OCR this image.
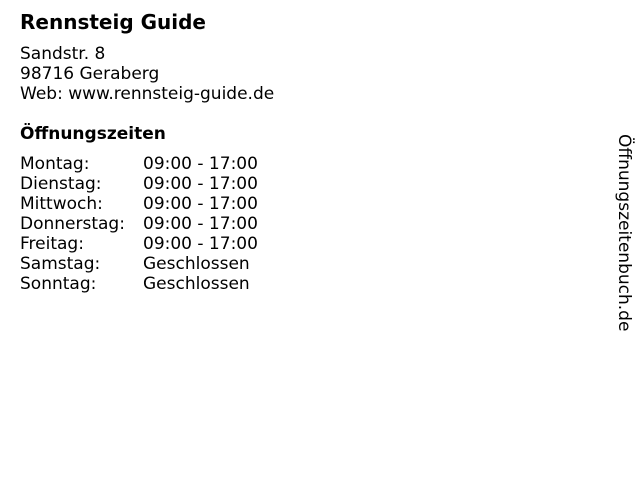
Rennsteig Guide
Sandstr. 8
98716 Geraberg
Web: www.rennsteig-guide.de
Öffnungszeiten
Montag:	09:00 - 17:00
Dienstag: 09:00 - 17:00
Mittwoch: 09:00 - 17:00
Donnerstag: 09:00 - 17:00
Freitag:	09:00 - 17:00
Samstag:	Geschlossen
Sonntag:	Geschlossen	Öffnungszeitenbuch.de
